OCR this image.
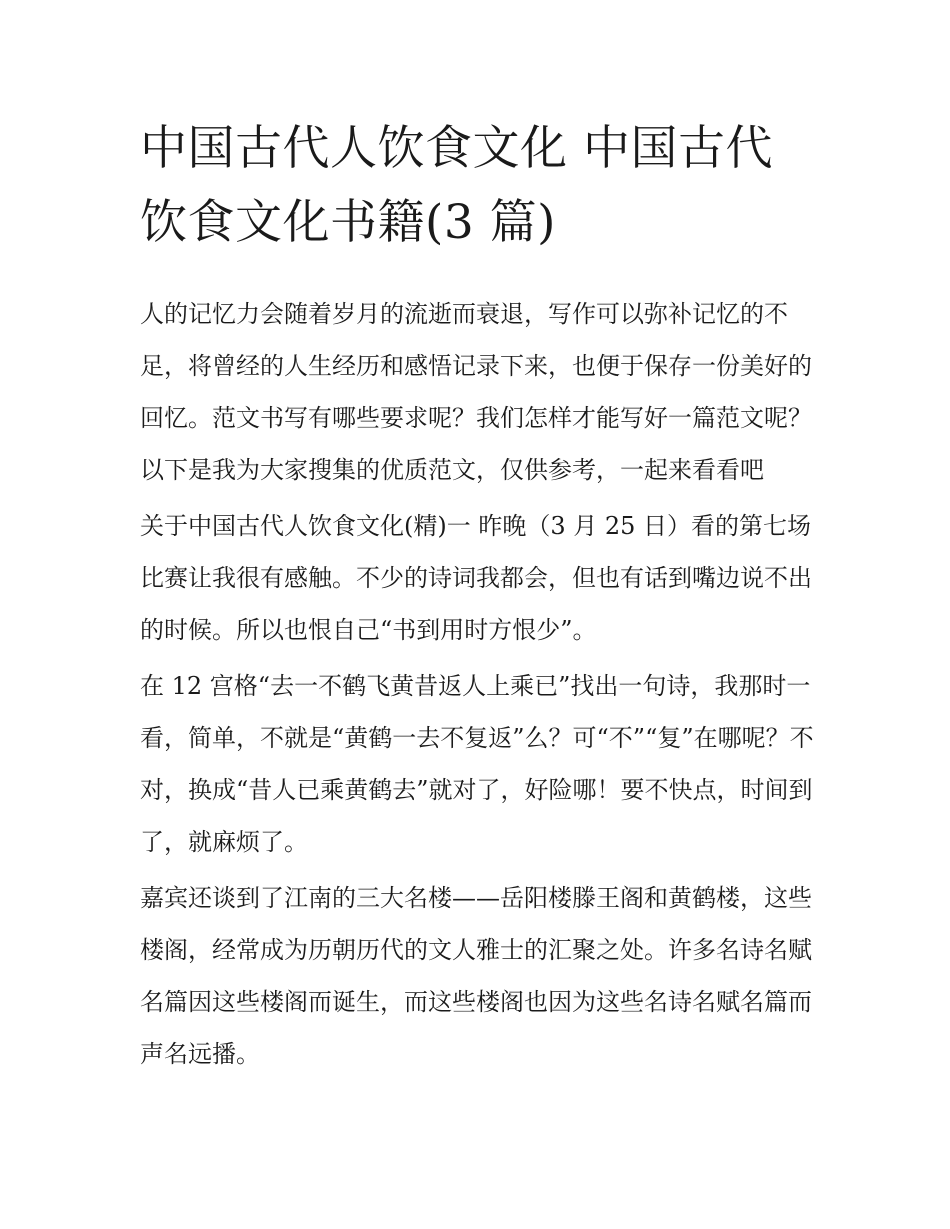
中国古代人饮食文化 中国古代饮食文化书籍(3 篇)

人的记忆力会随着岁月的流逝而衰退，写作可以弥补记忆的不足，将曾经的人生经历和感悟记录下来，也便于保存一份美好的回忆。范文书写有哪些要求呢？我们怎样才能写好一篇范文呢？以下是我为大家搜集的优质范文，仅供参考，一起来看看吧

关于中国古代人饮食文化(精)一 昨晚（3 月 25 日）看的第七场比赛让我很有感触。不少的诗词我都会，但也有话到嘴边说不出的时候。所以也恨自己“书到用时方恨少”。

在 12 宫格“去一不鹤飞黄昔返人上乘已”找出一句诗，我那时一看，简单，不就是“黄鹤一去不复返”么？可“不”“复”在哪呢？不对，换成“昔人已乘黄鹤去”就对了，好险哪！要不快点，时间到了，就麻烦了。

嘉宾还谈到了江南的三大名楼——岳阳楼滕王阁和黄鹤楼，这些楼阁，经常成为历朝历代的文人雅士的汇聚之处。许多名诗名赋名篇因这些楼阁而诞生，而这些楼阁也因为这些名诗名赋名篇而声名远播。
